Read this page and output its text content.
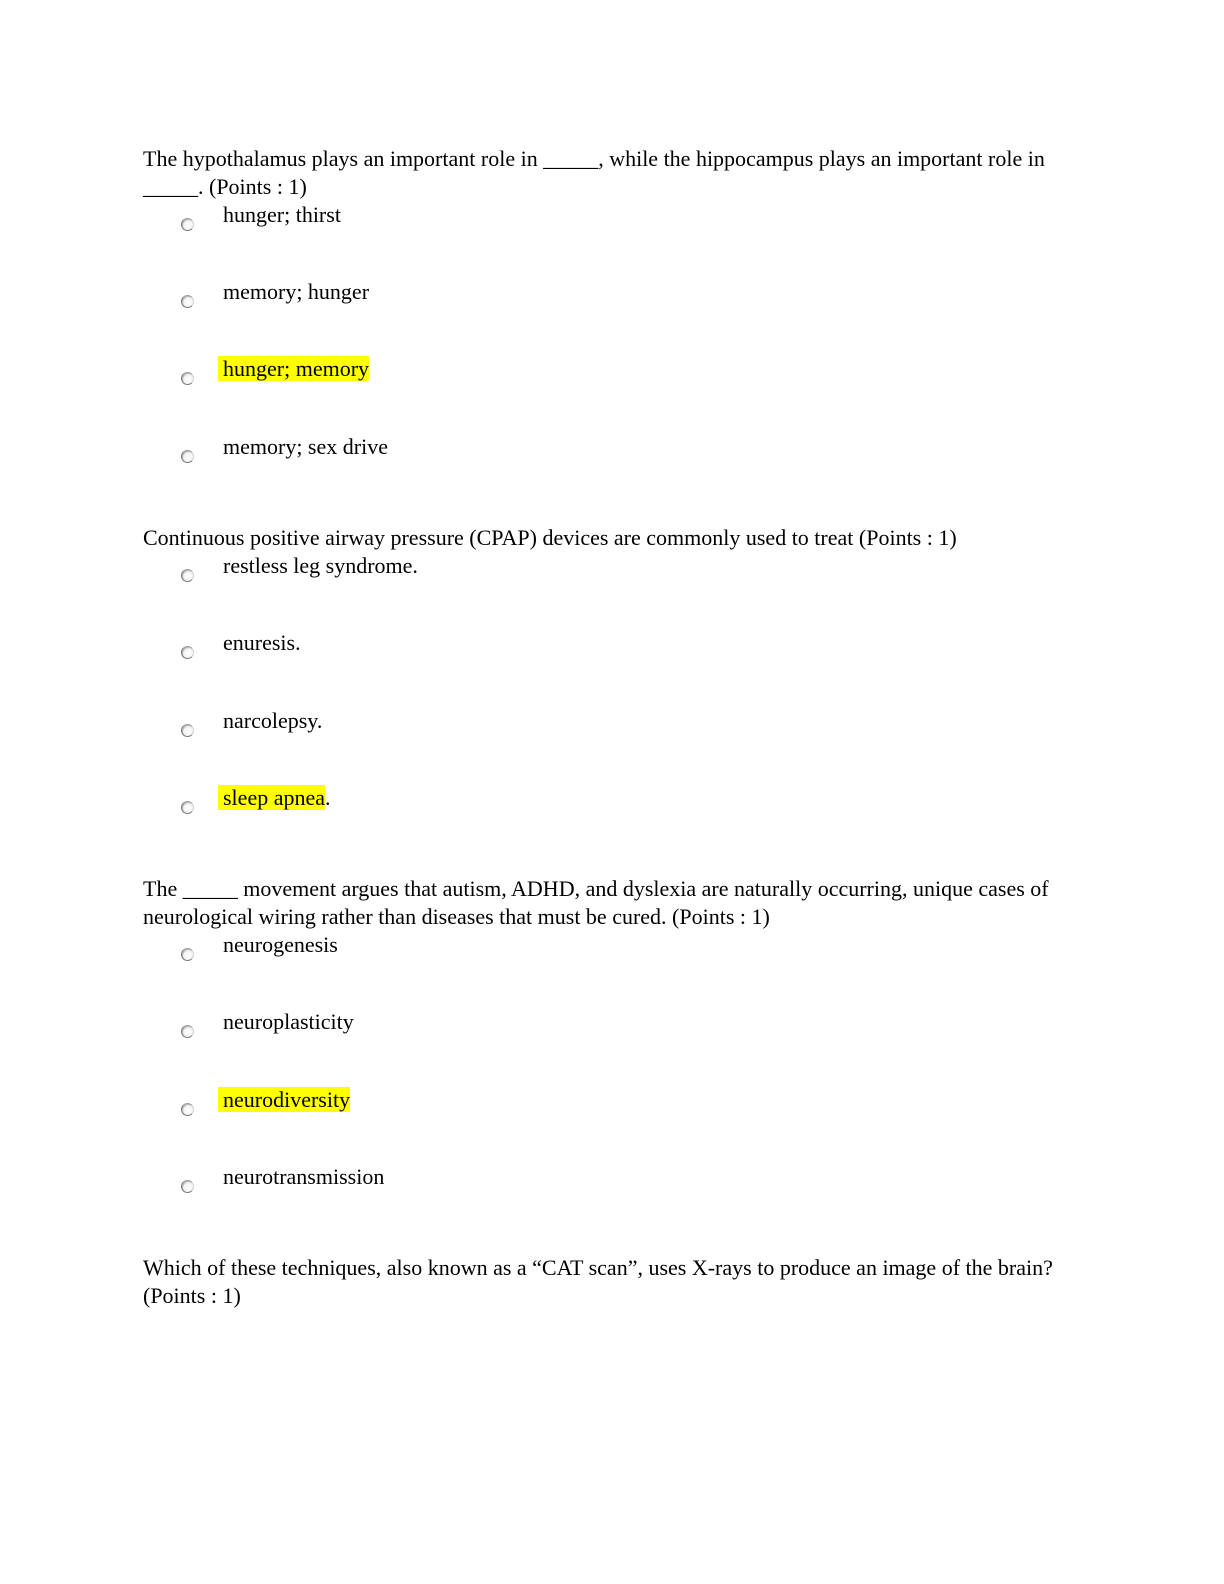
The hypothalamus plays an important role in _____, while the hippocampus plays an important role in _____. (Points : 1)

hunger; thirst
memory; hunger
hunger; memory
memory; sex drive

Continuous positive airway pressure (CPAP) devices are commonly used to treat (Points : 1)

restless leg syndrome.
enuresis.
narcolepsy.
sleep apnea.

The _____ movement argues that autism, ADHD, and dyslexia are naturally occurring, unique cases of neurological wiring rather than diseases that must be cured. (Points : 1)

neurogenesis
neuroplasticity
neurodiversity
neurotransmission

Which of these techniques, also known as a “CAT scan”, uses X-rays to produce an image of the brain? (Points : 1)
